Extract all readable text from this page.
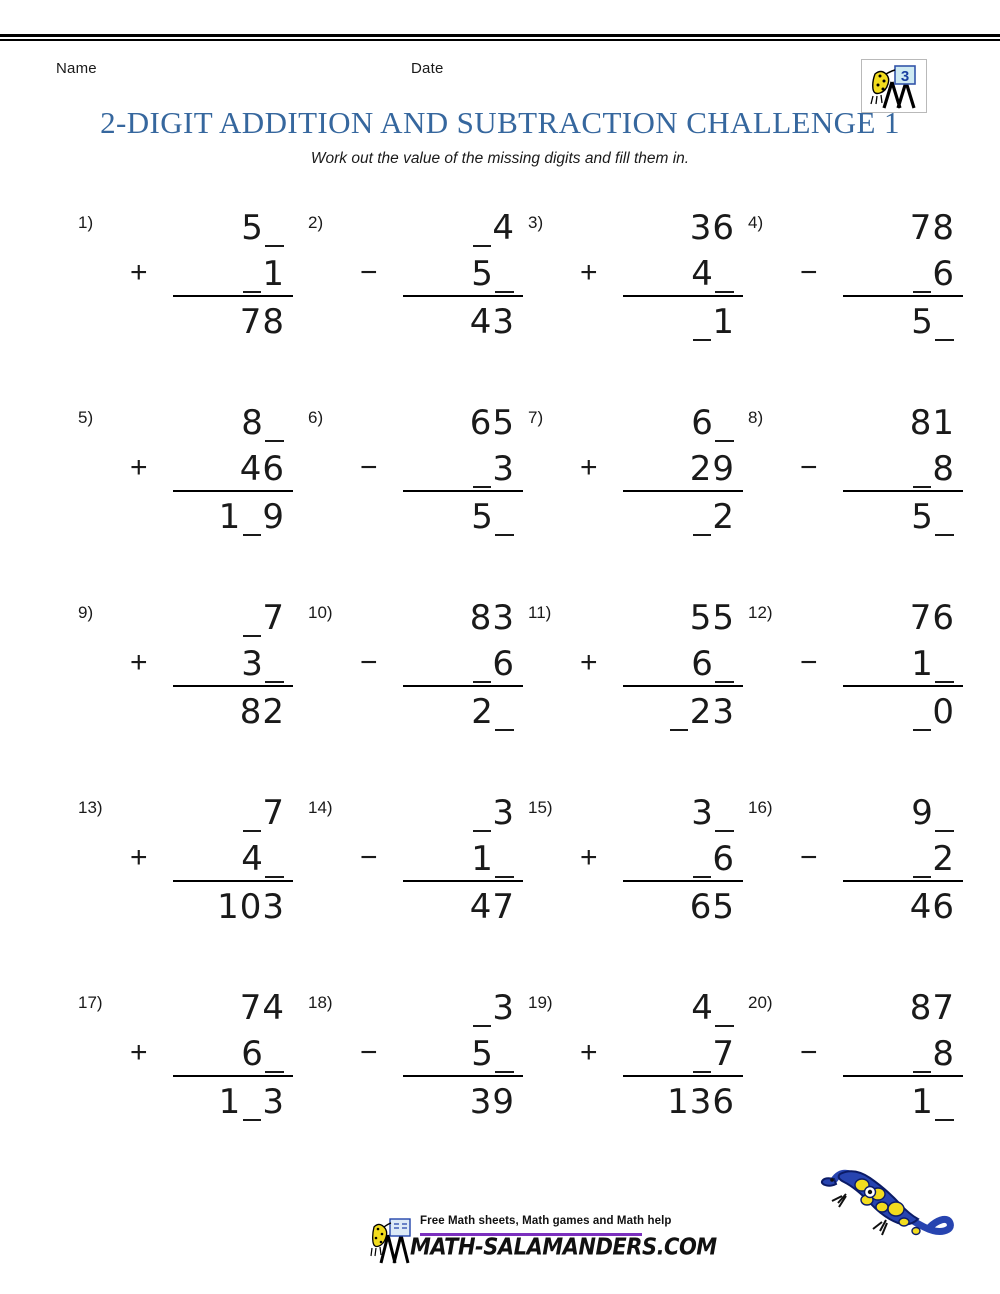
Name	Date	3
2-DIGIT ADDITION AND SUBTRACTION CHALLENGE 1
Work out the value of the missing digits and fill them in.
1)
+
5
1
78
2)
−
4
5
43
3)
+
36
4
1
4)
−
78
6
5
5)
+
8
46
1 9
6)
−
65
3
5
7)
+
6
29
2
8)
−
81
8
5
9)
+
7
3
82
10)
−
83
6
2
11)
+
55
6
23
12)
−
76
1
0
13)
+
7
4
103
14)
−
3
1
47
15)
+
3
6
65
16)
−
9
2
46
17)
+
74
6
1 3
18)
−
3
5
39
19)
+
4
7
136
20)
−
87
8
1
Free Math sheets, Math games and Math help
MATH-SALAMANDERS.COM
